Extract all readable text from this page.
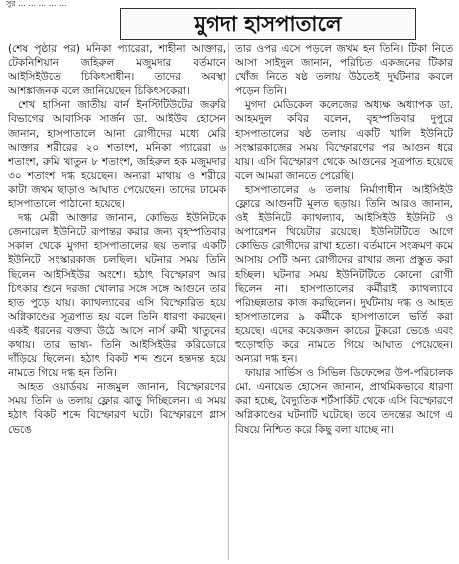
সুর ... ... ... ... ...
মুগদা হাসপাতালে

(শেষ পৃষ্ঠার পর) মনিকা প্যারেরা, শাহীনা আক্তার, টেকনিশিয়ান জহিরুল মজুমদার বর্তমানে আইসিইউতে চিকিৎসাধীন। তাদের অবস্থা আশঙ্কাজনক বলে জানিয়েছেন চিকিৎসকেরা।

শেখ হাসিনা জাতীয় বার্ন ইনস্টিটিউটের জরুরি বিভাগের আবাসিক সার্জন ডা. আইউব হোসেন জানান, হাসপাতালে আনা রোগীদের মধ্যে মেরি আক্তার শরীরের ২০ শতাংশ, মনিকা প্যারেরা ৬ শতাংশ, রুমি খাতুন ৮ শতাংশ, জহিরুল হক মজুমদার ৩০ শতাংশ দগ্ধ হয়েছেন। অন্যরা মাথায় ও শরীরে কাটা জখম ছাড়াও আঘাত পেয়েছেন। তাদের ঢামেক হাসপাতালে পাঠানো হয়েছে।

দগ্ধ মেরী আক্তার জানান, কোভিড ইউনিটকে জেনারেল ইউনিটে রূপান্তর করার জন্য বৃহস্পতিবার সকাল থেকে মুগদা হাসপাতালের ছয় তলার একটি ইউনিটে সংস্কারকাজ চলছিল। ঘটনার সময় তিনি ছিলেন আইসিইউর অংশে। হঠাৎ বিস্ফোরণ আর চিৎকার শুনে দরজা খোলার সঙ্গে সঙ্গে আগুনে তার হাত পুড়ে যায়। ক্যাথল্যাবের এসি বিস্ফোরিত হয়ে অগ্নিকাণ্ডের সূত্রপাত হয় বলে তিনি ধারণা করছেন। একই ধরনের বক্তব্য উঠে আসে নার্স রুমী খাতুনের কথায়। তার ভাষ্য- তিনি আইসিইউর করিডোরে দাঁড়িয়ে ছিলেন। হঠাৎ বিকট শব্দ শুনে হন্তদন্ত হয়ে নামতে গিয়ে দগ্ধ হন তিনি।

আহত ওয়ার্ডবয় নাজমুল জানান, বিস্ফোরণের সময় তিনি ৬ তলায় ফ্লোর ঝাড়ু দিচ্ছিলেন। এ সময় হঠাৎ বিকট শব্দে বিস্ফোরণ ঘটে। বিস্ফোরণে গ্লাস ভেঙে

তার ওপর এসে পড়লে জখম হন তিনি। টিকা নিতে আসা সাইদুল জানান, পরিচিত একজনের টিকার খোঁজ নিতে ষষ্ঠ তলায় উঠতেই দুর্ঘটনার কবলে পড়েন তিনি।

মুগদা মেডিকেল কলেজের অধ্যক্ষ অধ্যাপক ডা. আহমদুল কবির বলেন, বৃহস্পতিবার দুপুরে হাসপাতালের ষষ্ঠ তলায় একটি খালি ইউনিটে সংস্কারকাজের সময় বিস্ফোরণের পর আগুন ধরে যায়। এসি বিস্ফোরণ থেকে আগুনের সূত্রপাত হয়েছে বলে আমরা জানতে পেরেছি।

হাসপাতালের ৬ তলায় নির্মাণাধীন আইসিইউ ফ্লোরে আগুনটি মূলত ছড়ায়। তিনি আরও জানান, ওই ইউনিটে ক্যাথল্যাব, আইসিইউ ইউনিট ও অপারেশন থিয়েটার রয়েছে। ইউনিটটিতে আগে কোভিড রোগীদের রাখা হতো। বর্তমানে সংক্রমণ কমে আসায় সেটি অন্য রোগীদের রাখার জন্য প্রস্তুত করা হচ্ছিল। ঘটনার সময় ইউনিটটিতে কোনো রোগী ছিলেন না। হাসপাতালের কর্মীরাই ক্যাথল্যাবে পরিচ্ছন্নতার কাজ করছিলেন। দুর্ঘটনায় দগ্ধ ও আহত হাসপাতালের ৯ কর্মীকে হাসপাতালে ভর্তি করা হয়েছে। এদের কয়েকজন কাচের টুকরো ভেঙে এবং হুড়োহুড়ি করে নামতে গিয়ে আঘাত পেয়েছেন। অন্যরা দগ্ধ হন।

ফায়ার সার্ভিস ও সিভিল ডিফেন্সের উপ-পরিচালক মো. এনায়েত হোসেন জানান, প্রাথমিকভাবে ধারণা করা হচ্ছে, বৈদ্যুতিক শর্টসার্কিট থেকে এসি বিস্ফোরণে অগ্নিকাণ্ডের ঘটনাটি ঘটেছে। তবে তদন্তের আগে এ বিষয়ে নিশ্চিত করে কিছু বলা যাচ্ছে না।
